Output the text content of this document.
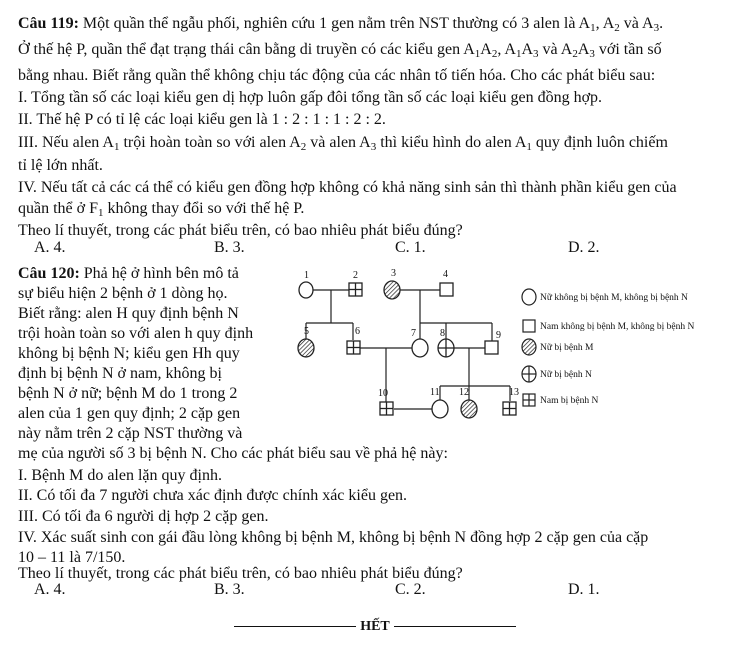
Câu 119: Một quần thể ngẫu phối, nghiên cứu 1 gen nằm trên NST thường có 3 alen là $A_1$, $A_2$ và $A_3$.
Ở thế hệ P, quần thể đạt trạng thái cân bằng di truyền có các kiểu gen $A_1A_2$, $A_1A_3$ và $A_2A_3$ với tần số
bằng nhau. Biết rằng quần thể không chịu tác động của các nhân tố tiến hóa. Cho các phát biểu sau:
I. Tổng tần số các loại kiểu gen dị hợp luôn gấp đôi tổng tần số các loại kiểu gen đồng hợp.
II. Thế hệ P có tỉ lệ các loại kiểu gen là 1 : 2 : 1 : 1 : 2 : 2.
III. Nếu alen $A_1$ trội hoàn toàn so với alen $A_2$ và alen $A_3$ thì kiểu hình do alen $A_1$ quy định luôn chiếm
tỉ lệ lớn nhất.
IV. Nếu tất cả các cá thể có kiểu gen đồng hợp không có khả năng sinh sản thì thành phần kiểu gen của
quần thể ở $F_1$ không thay đổi so với thế hệ P.
Theo lí thuyết, trong các phát biểu trên, có bao nhiêu phát biểu đúng?
A. 4.	B. 3.	C. 1.	D. 2.
Câu 120: Phả hệ ở hình bên mô tả
sự biểu hiện 2 bệnh ở 1 dòng họ.
Biết rằng: alen H quy định bệnh N
trội hoàn toàn so với alen h quy định
không bị bệnh N; kiểu gen Hh quy
định bị bệnh N ở nam, không bị
bệnh N ở nữ; bệnh M do 1 trong 2
alen của 1 gen quy định; 2 cặp gen
này nằm trên 2 cặp NST thường và
mẹ của người số 3 bị bệnh N. Cho các phát biểu sau về phả hệ này:
I. Bệnh M do alen lặn quy định.
II. Có tối đa 7 người chưa xác định được chính xác kiểu gen.
III. Có tối đa 6 người dị hợp 2 cặp gen.
IV. Xác suất sinh con gái đầu lòng không bị bệnh M, không bị bệnh N đồng hợp 2 cặp gen của cặp
10 – 11 là 7/150.
Theo lí thuyết, trong các phát biểu trên, có bao nhiêu phát biểu đúng?
A. 4.	B. 3.	C. 2.	D. 1.
1	2	3	4
5	6	7 8	9
10	11 12	13
Nữ không bị bệnh M, không bị bệnh N
Nam không bị bệnh M, không bị bệnh N
Nữ bị bệnh M
Nữ bị bệnh N
Nam bị bệnh N
HẾT
